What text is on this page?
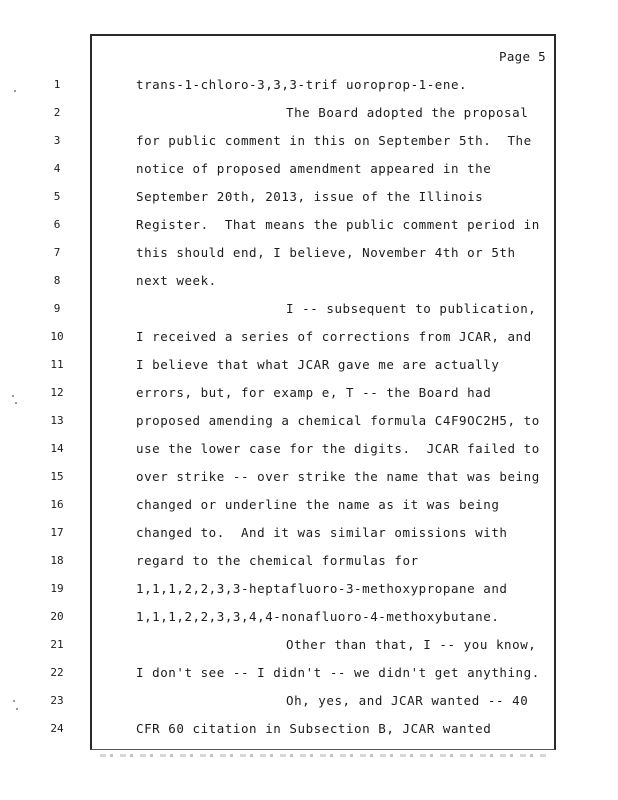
Page 5
1	trans-1-chloro-3,3,3-trif uoroprop-1-ene.
2	The Board adopted the proposal
3	for public comment in this on September 5th.  The
4	notice of proposed amendment appeared in the
5	September 20th, 2013, issue of the Illinois
6	Register.  That means the public comment period in
7	this should end, I believe, November 4th or 5th
8	next week.
9	I -- subsequent to publication,
10	I received a series of corrections from JCAR, and
11	I believe that what JCAR gave me are actually
12	errors, but, for examp e, T -- the Board had
13	proposed amending a chemical formula C4F9OC2H5, to
14	use the lower case for the digits.  JCAR failed to
15	over strike -- over strike the name that was being
16	changed or underline the name as it was being
17	changed to.  And it was similar omissions with
18	regard to the chemical formulas for
19	1,1,1,2,2,3,3-heptafluoro-3-methoxypropane and
20	1,1,1,2,2,3,3,4,4-nonafluoro-4-methoxybutane.
21	Other than that, I -- you know,
22	I don't see -- I didn't -- we didn't get anything.
23	Oh, yes, and JCAR wanted -- 40
24	CFR 60 citation in Subsection B, JCAR wanted
